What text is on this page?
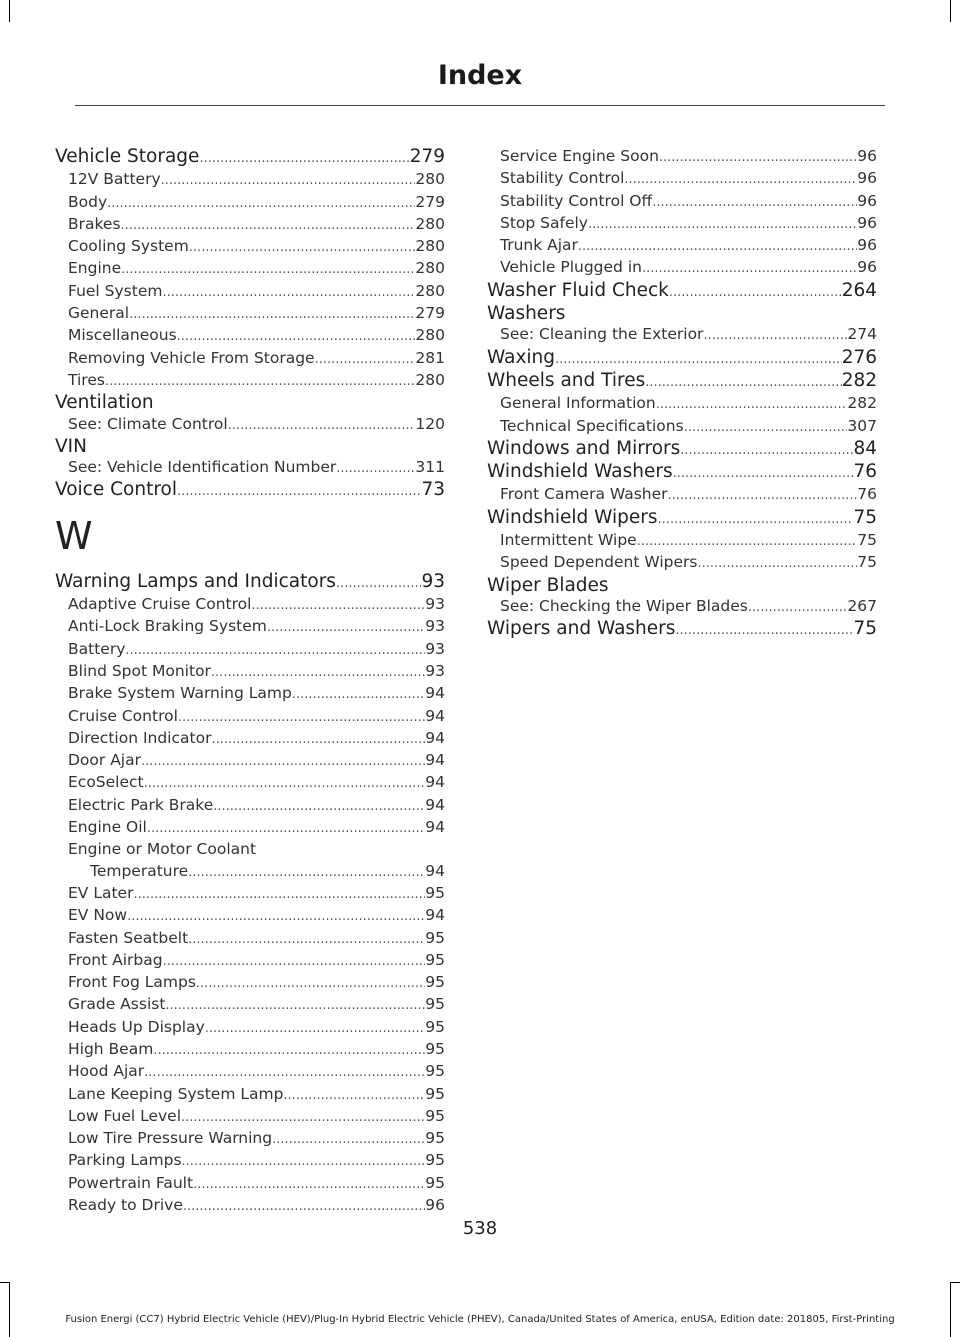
Index
Vehicle Storage .....	279
12V Battery .....	280
Body .....	279
Brakes .....	280
Cooling System .....	280
Engine .....	280
Fuel System .....	280
General .....	279
Miscellaneous .....	280
Removing Vehicle From Storage .....	281
Tires .....	280
Ventilation
See: Climate Control .....	120
VIN
See: Vehicle Identification Number .....	311
Voice Control .....	73
W
Warning Lamps and Indicators .....	93
Adaptive Cruise Control .....	93
Anti-Lock Braking System .....	93
Battery .....	93
Blind Spot Monitor .....	93
Brake System Warning Lamp .....	94
Cruise Control .....	94
Direction Indicator .....	94
Door Ajar .....	94
EcoSelect .....	94
Electric Park Brake .....	94
Engine Oil .....	94
Engine or Motor Coolant
Temperature .....	94
EV Later .....	95
EV Now .....	94
Fasten Seatbelt .....	95
Front Airbag .....	95
Front Fog Lamps .....	95
Grade Assist .....	95
Heads Up Display .....	95
High Beam .....	95
Hood Ajar .....	95
Lane Keeping System Lamp .....	95
Low Fuel Level .....	95
Low Tire Pressure Warning .....	95
Parking Lamps .....	95
Powertrain Fault .....	95
Ready to Drive .....	96
Service Engine Soon .....	96
Stability Control .....	96
Stability Control Off .....	96
Stop Safely .....	96
Trunk Ajar .....	96
Vehicle Plugged in .....	96
Washer Fluid Check .....	264
Washers
See: Cleaning the Exterior .....	274
Waxing .....	276
Wheels and Tires .....	282
General Information .....	282
Technical Specifications .....	307
Windows and Mirrors .....	84
Windshield Washers .....	76
Front Camera Washer .....	76
Windshield Wipers .....	75
Intermittent Wipe .....	75
Speed Dependent Wipers .....	75
Wiper Blades
See: Checking the Wiper Blades .....	267
Wipers and Washers .....	75
538
Fusion Energi (CC7) Hybrid Electric Vehicle (HEV)/Plug-In Hybrid Electric Vehicle (PHEV), Canada/United States of America, enUSA, Edition date: 201805, First-Printing
